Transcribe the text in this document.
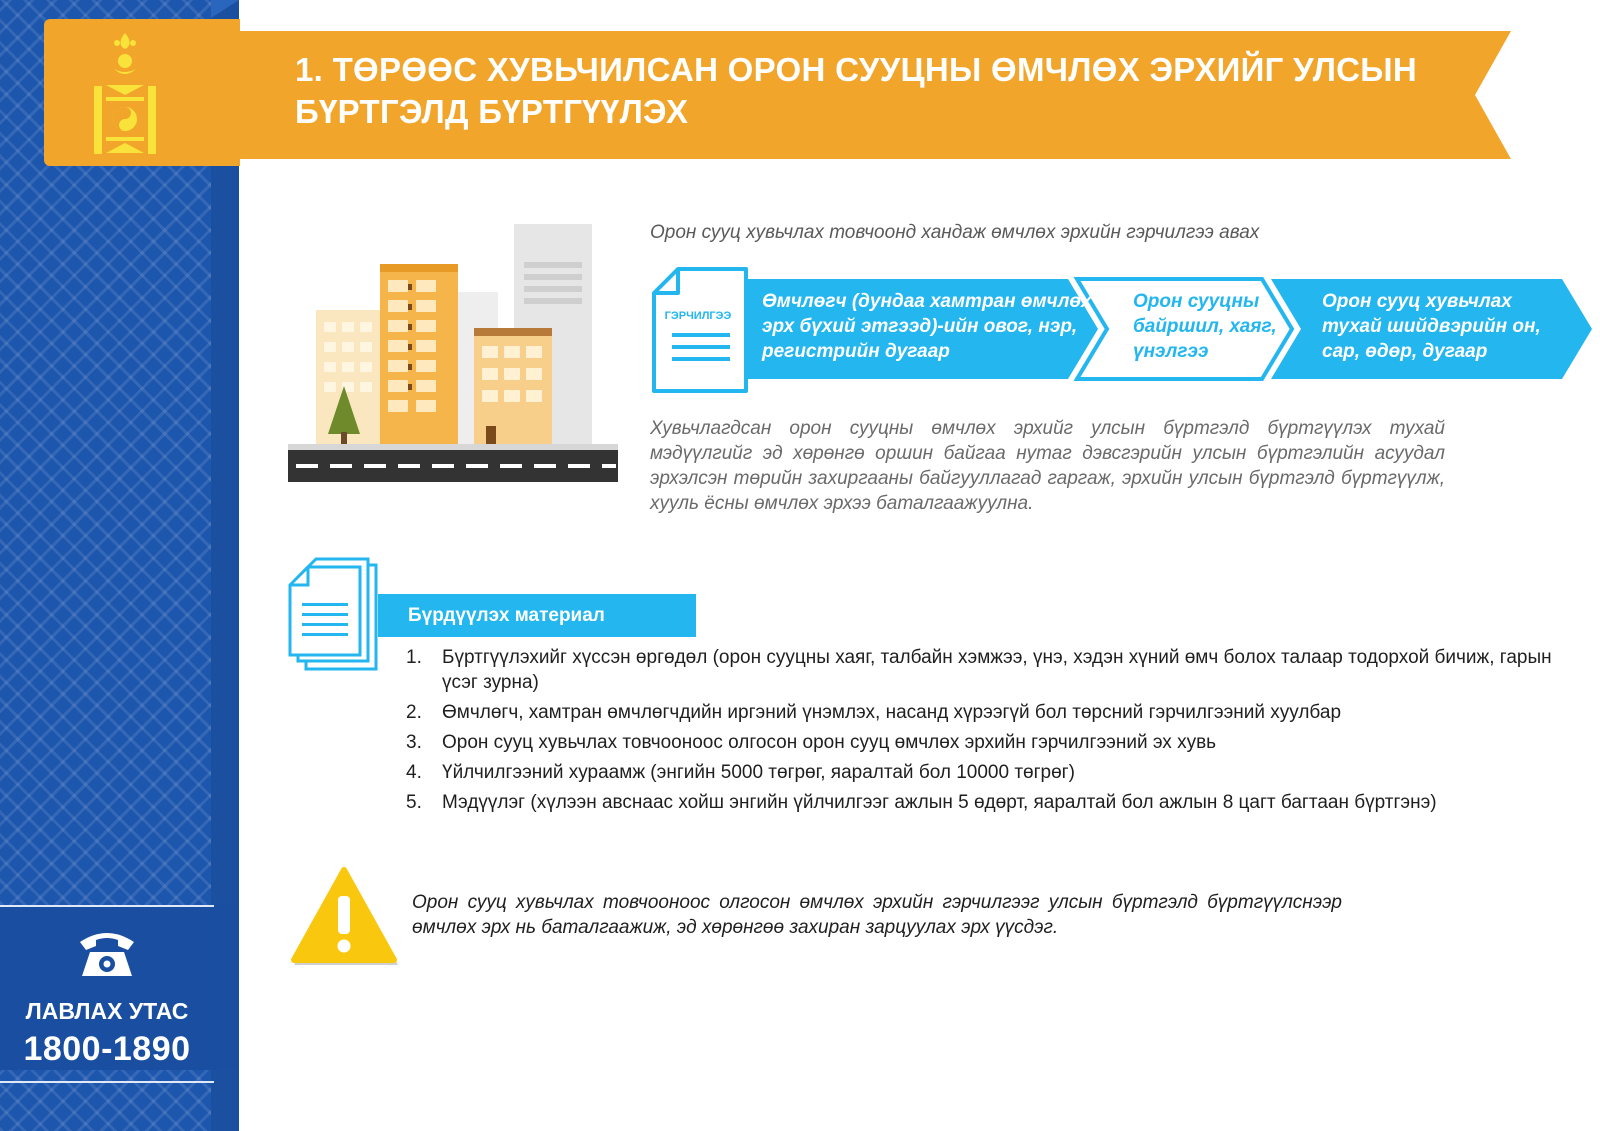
ЛАВЛАХ УТАС
1800-1890
1. ТӨРӨӨС ХУВЬЧИЛСАН ОРОН СУУЦНЫ ӨМЧЛӨХ ЭРХИЙГ УЛСЫН БҮРТГЭЛД БҮРТГҮҮЛЭХ
Орон сууц хувьчлах товчоонд хандаж өмчлөх эрхийн гэрчилгээ авах
ГЭРЧИЛГЭЭ
Өмчлөгч (дундаа хамтран өмчлөх эрх бүхий этгээд)-ийн овог, нэр, регистрийн дугаар
Орон сууцны байршил, хаяг, үнэлгээ
Орон сууц хувьчлах тухай шийдвэрийн он, сар, өдөр, дугаар
Хувьчлагдсан орон сууцны өмчлөх эрхийг улсын бүртгэлд бүртгүүлэх тухай мэдүүлгийг эд хөрөнгө оршин байгаа нутаг дэвсгэрийн улсын бүртгэлийн асуудал эрхэлсэн төрийн захиргааны байгууллагад гаргаж, эрхийн улсын бүртгэлд бүртгүүлж, хууль ёсны өмчлөх эрхээ баталгаажуулна.
Бүрдүүлэх материал
1. Бүртгүүлэхийг хүссэн өргөдөл (орон сууцны хаяг, талбайн хэмжээ, үнэ, хэдэн хүний өмч болох талаар тодорхой бичиж, гарын үсэг зурна)
2. Өмчлөгч, хамтран өмчлөгчдийн иргэний үнэмлэх, насанд хүрээгүй бол төрсний гэрчилгээний хуулбар
3. Орон сууц хувьчлах товчооноос олгосон орон сууц өмчлөх эрхийн гэрчилгээний эх хувь
4. Үйлчилгээний хураамж (энгийн 5000 төгрөг, яаралтай бол 10000 төгрөг)
5. Мэдүүлэг (хүлээн авснаас хойш энгийн үйлчилгээг ажлын 5 өдөрт, яаралтай бол ажлын 8 цагт багтаан бүртгэнэ)
Орон сууц хувьчлах товчооноос олгосон өмчлөх эрхийн гэрчилгээг улсын бүртгэлд бүртгүүлснээр өмчлөх эрх нь баталгаажиж, эд хөрөнгөө захиран зарцуулах эрх үүсдэг.
